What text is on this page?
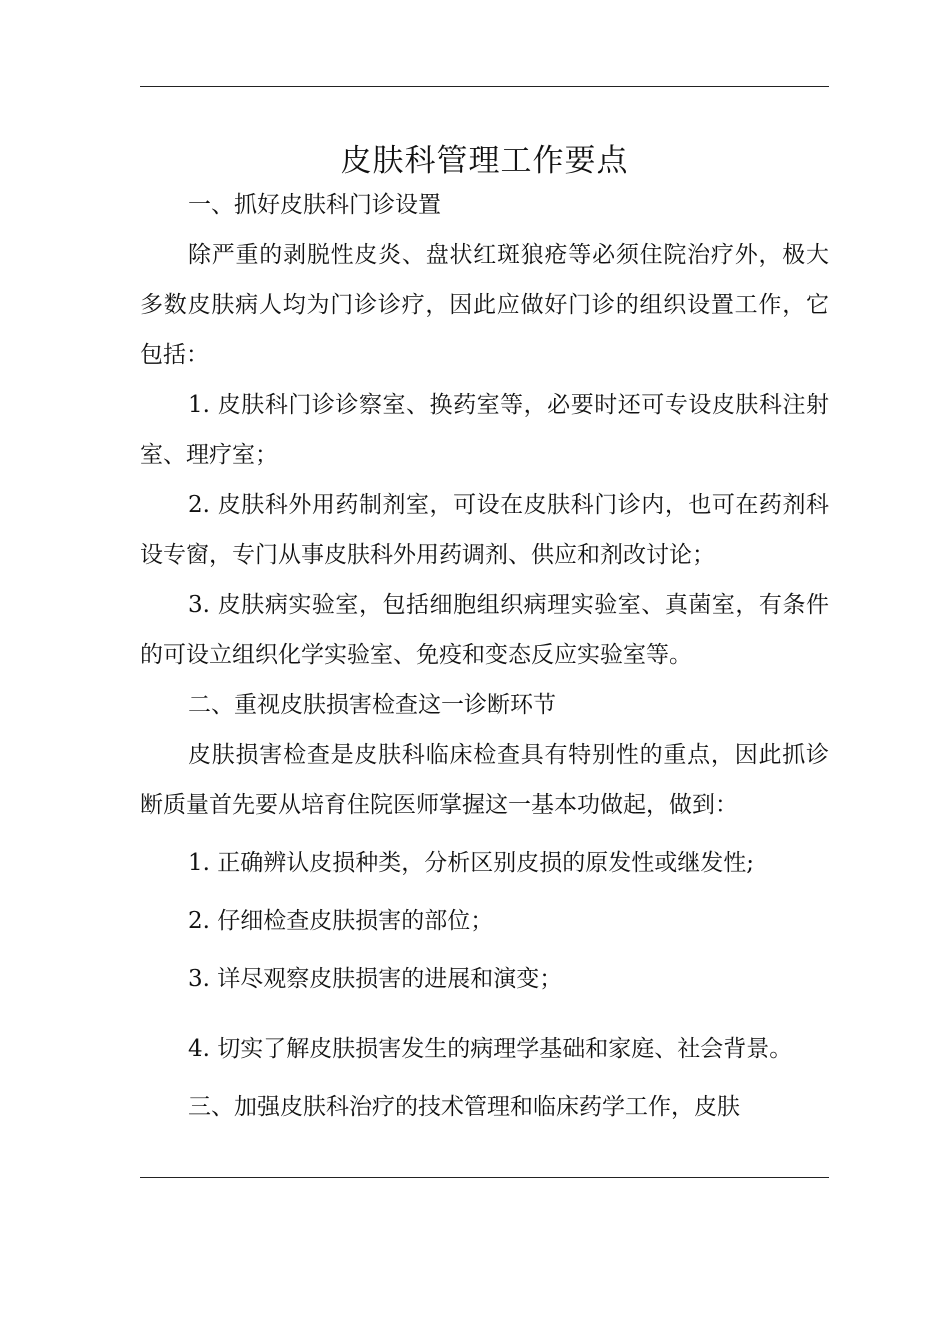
皮肤科管理工作要点

一、抓好皮肤科门诊设置

除严重的剥脱性皮炎、盘状红斑狼疮等必须住院治疗外，极大多数皮肤病人均为门诊诊疗，因此应做好门诊的组织设置工作，它包括：

1. 皮肤科门诊诊察室、换药室等，必要时还可专设皮肤科注射室、理疗室；

2. 皮肤科外用药制剂室，可设在皮肤科门诊内，也可在药剂科设专窗，专门从事皮肤科外用药调剂、供应和剂改讨论；

3. 皮肤病实验室，包括细胞组织病理实验室、真菌室，有条件的可设立组织化学实验室、免疫和变态反应实验室等。

二、重视皮肤损害检查这一诊断环节

皮肤损害检查是皮肤科临床检查具有特别性的重点，因此抓诊断质量首先要从培育住院医师掌握这一基本功做起，做到：

1. 正确辨认皮损种类，分析区别皮损的原发性或继发性;

2. 仔细检查皮肤损害的部位；

3. 详尽观察皮肤损害的进展和演变；

4. 切实了解皮肤损害发生的病理学基础和家庭、社会背景。

三、加强皮肤科治疗的技术管理和临床药学工作，皮肤
